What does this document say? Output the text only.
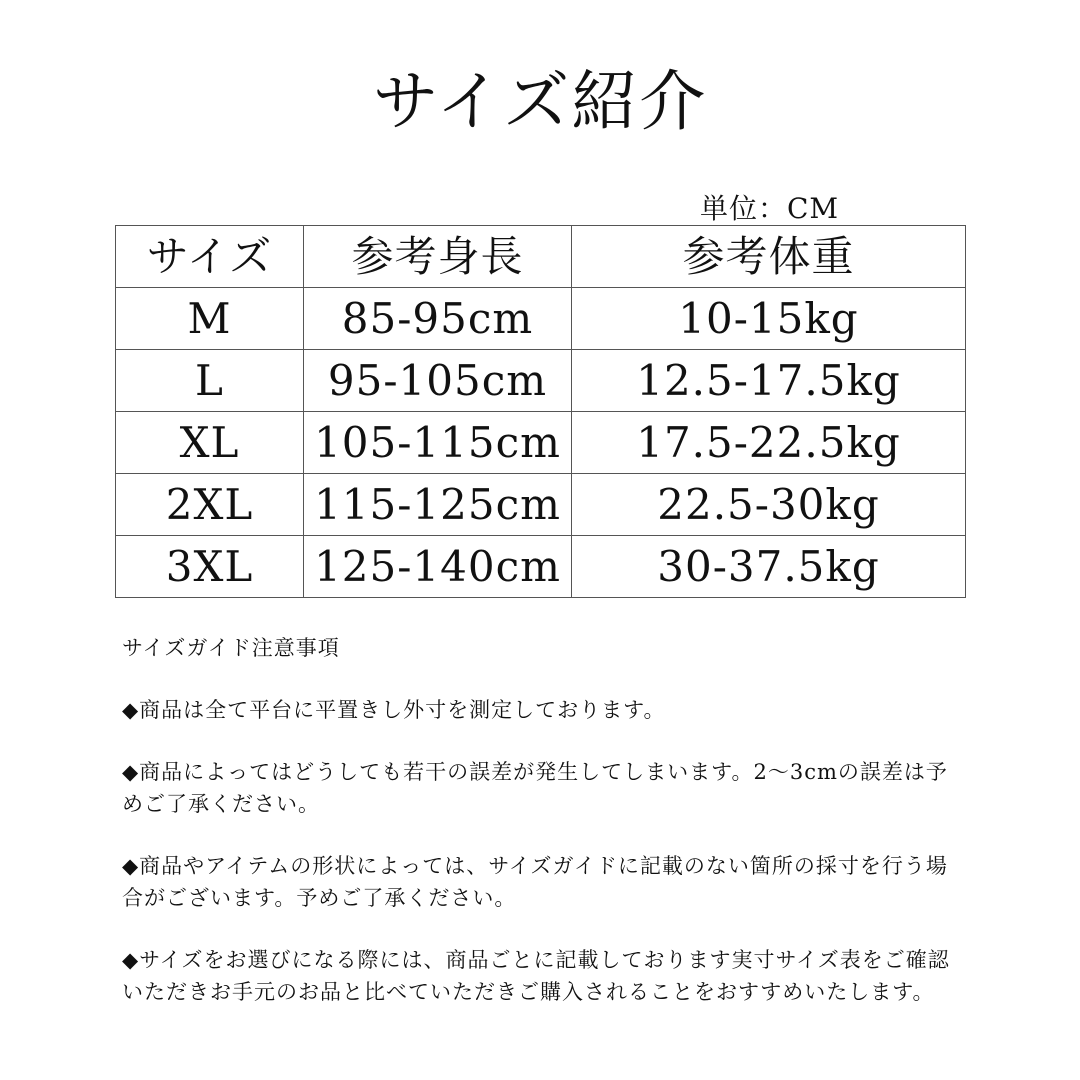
サイズ紹介
単位：CM
サイズ	参考身長	参考体重
M	85-95cm	10-15kg
L	95-105cm	12.5-17.5kg
XL	105-115cm	17.5-22.5kg
2XL	115-125cm	22.5-30kg
3XL	125-140cm	30-37.5kg
サイズガイド注意事項

◆商品は全て平台に平置きし外寸を測定しております。

◆商品によってはどうしても若干の誤差が発生してしまいます。2～3cmの誤差は予めご了承ください。

◆商品やアイテムの形状によっては、サイズガイドに記載のない箇所の採寸を行う場合がございます。予めご了承ください。

◆サイズをお選びになる際には、商品ごとに記載しております実寸サイズ表をご確認いただきお手元のお品と比べていただきご購入されることをおすすめいたします。
